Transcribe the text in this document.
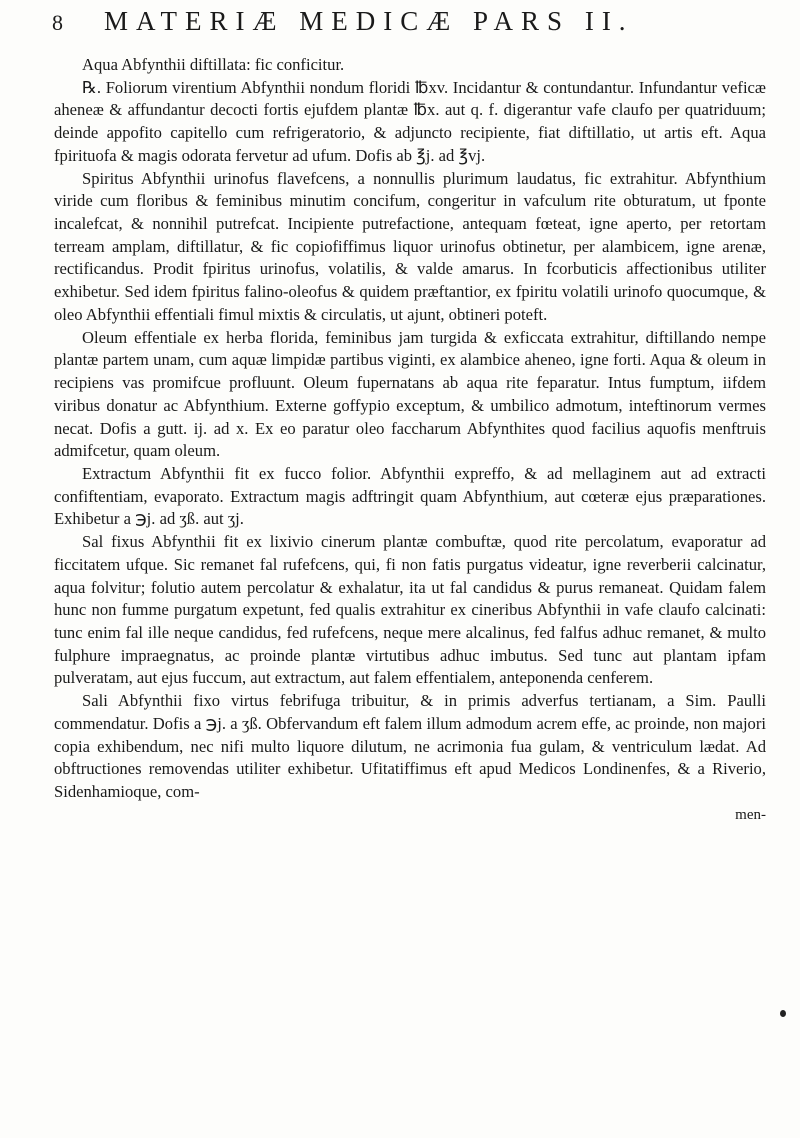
8 MATERIÆ MEDICÆ PARS II.

Aqua Abfynthii diftillata: fic conficitur.

℞. Foliorum virentium Abfynthii nondum floridi ℔xv. Incidantur & contundantur. Infundantur veficæ aheneæ & affundantur decocti fortis ejufdem plantæ ℔x. aut q. f. digerantur vafe claufo per quatriduum; deinde appofito capitello cum refrigeratorio, & adjuncto recipiente, fiat diftillatio, ut artis eft. Aqua fpirituofa & magis odorata fervetur ad ufum. Dofis ab ℥j. ad ℥vj.

Spiritus Abfynthii urinofus flavefcens, a nonnullis plurimum laudatus, fic extrahitur. Abfynthium viride cum floribus & feminibus minutim concifum, congeritur in vafculum rite obturatum, ut fponte incalefcat, & nonnihil putrefcat. Incipiente putrefactione, antequam fœteat, igne aperto, per retortam terream amplam, diftillatur, & fic copiofiffimus liquor urinofus obtinetur, per alambicem, igne arenæ, rectificandus. Prodit fpiritus urinofus, volatilis, & valde amarus. In fcorbuticis affectionibus utiliter exhibetur. Sed idem fpiritus falino-oleofus & quidem præftantior, ex fpiritu volatili urinofo quocumque, & oleo Abfynthii effentiali fimul mixtis & circulatis, ut ajunt, obtineri poteft.

Oleum effentiale ex herba florida, feminibus jam turgida & exficcata extrahitur, diftillando nempe plantæ partem unam, cum aquæ limpidæ partibus viginti, ex alambice aheneo, igne forti. Aqua & oleum in recipiens vas promifcue profluunt. Oleum fupernatans ab aqua rite feparatur. Intus fumptum, iifdem viribus donatur ac Abfynthium. Externe goffypio exceptum, & umbilico admotum, inteftinorum vermes necat. Dofis a gutt. ij. ad x. Ex eo paratur oleo faccharum Abfynthites quod facilius aquofis menftruis admifcetur, quam oleum.

Extractum Abfynthii fit ex fucco folior. Abfynthii expreffo, & ad mellaginem aut ad extracti confiftentiam, evaporato. Extractum magis adftringit quam Abfynthium, aut cœteræ ejus præparationes. Exhibetur a ℈j. ad ʒß. aut ʒj.

Sal fixus Abfynthii fit ex lixivio cinerum plantæ combuftæ, quod rite percolatum, evaporatur ad ficcitatem ufque. Sic remanet fal rufefcens, qui, fi non fatis purgatus videatur, igne reverberii calcinatur, aqua folvitur; folutio autem percolatur & exhalatur, ita ut fal candidus & purus remaneat. Quidam falem hunc non fumme purgatum expetunt, fed qualis extrahitur ex cineribus Abfynthii in vafe claufo calcinati: tunc enim fal ille neque candidus, fed rufefcens, neque mere alcalinus, fed falfus adhuc remanet, & multo fulphure impraegnatus, ac proinde plantæ virtutibus adhuc imbutus. Sed tunc aut plantam ipfam pulveratam, aut ejus fuccum, aut extractum, aut falem effentialem, anteponenda cenferem.

Sali Abfynthii fixo virtus febrifuga tribuitur, & in primis adverfus tertianam, a Sim. Paulli commendatur. Dofis a ℈j. a ʒß. Obfervandum eft falem illum admodum acrem effe, ac proinde, non majori copia exhibendum, nec nifi multo liquore dilutum, ne acrimonia fua gulam, & ventriculum lædat. Ad obftructiones removendas utiliter exhibetur. Ufitatiffimus eft apud Medicos Londinenfes, & a Riverio, Sidenhamioque, com-

men-
